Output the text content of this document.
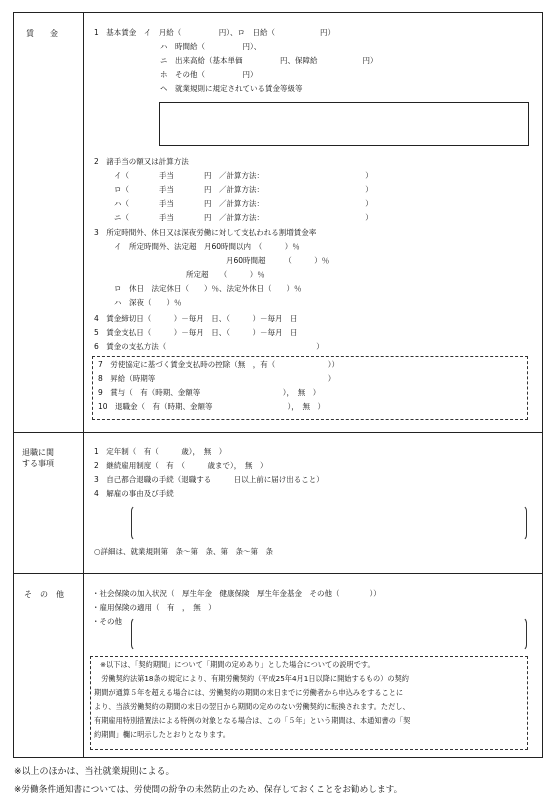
賃　　金
退職に関
する事項
そ　の　他
1　基本賃金　イ　月給（　　　　　円）、ロ　日給（　　　　　　円）
ハ　時間給（　　　　　円）、
ニ　出来高給（基本単価　　　　　円、保障給　　　　　　円）
ホ　その他（　　　　　円）
ヘ　就業規則に規定されている賃金等級等
2　諸手当の額又は計算方法
イ（　　　　手当　　　　円　／計算方法：　　　　　　　　　　　　　　）
ロ（　　　　手当　　　　円　／計算方法：　　　　　　　　　　　　　　）
ハ（　　　　手当　　　　円　／計算方法：　　　　　　　　　　　　　　）
ニ（　　　　手当　　　　円　／計算方法：　　　　　　　　　　　　　　）
3　所定時間外、休日又は深夜労働に対して支払われる割増賃金率
イ　所定時間外、法定超　月60時間以内　（　　　）％
月60時間超　　　（　　　）％
所定超　　（　　　）％
ロ　休日　法定休日（　　）％、法定外休日（　　）％
ハ　深夜（　　）％
4　賃金締切日（　　　）－毎月　日、（　　　）－毎月　日
5　賃金支払日（　　　）－毎月　日、（　　　）－毎月　日
6　賃金の支払方法（　　　　　　　　　　　　　　　　　　　　）
7　労使協定に基づく賃金支払時の控除（無　，有（　　　　　　　））
8　昇給（時期等　　　　　　　　　　　　　　　　　　　　　　　）
9　賞与（　有（時期、金額等　　　　　　　　　　　），　無　）
10　退職金（　有（時期、金額等　　　　　　　　　　），　無　）
1　定年制（　有（　　　歳），　無　）
2　継続雇用制度（　有　（　　　歳まで），　無　）
3　自己都合退職の手続（退職する　　　日以上前に届け出ること）
4　解雇の事由及び手続
○詳細は、就業規則第　条～第　条、第　条～第　条
・社会保険の加入状況（　厚生年金　健康保険　厚生年金基金　その他（　　　　））
・雇用保険の適用（　有　，　無　）
・その他
※以下は、「契約期間」について「期間の定めあり」とした場合についての説明です。
　労働契約法第18条の規定により、有期労働契約（平成25年4月1日以降に開始するもの）の契約
期間が通算５年を超える場合には、労働契約の期間の末日までに労働者から申込みをすることに
より、当該労働契約の期間の末日の翌日から期間の定めのない労働契約に転換されます。ただし、
有期雇用特別措置法による特例の対象となる場合は、この「５年」という期間は、本通知書の「契
約期間」欄に明示したとおりとなります。
※以上のほかは、当社就業規則による。
※労働条件通知書については、労使間の紛争の未然防止のため、保存しておくことをお勧めします。
